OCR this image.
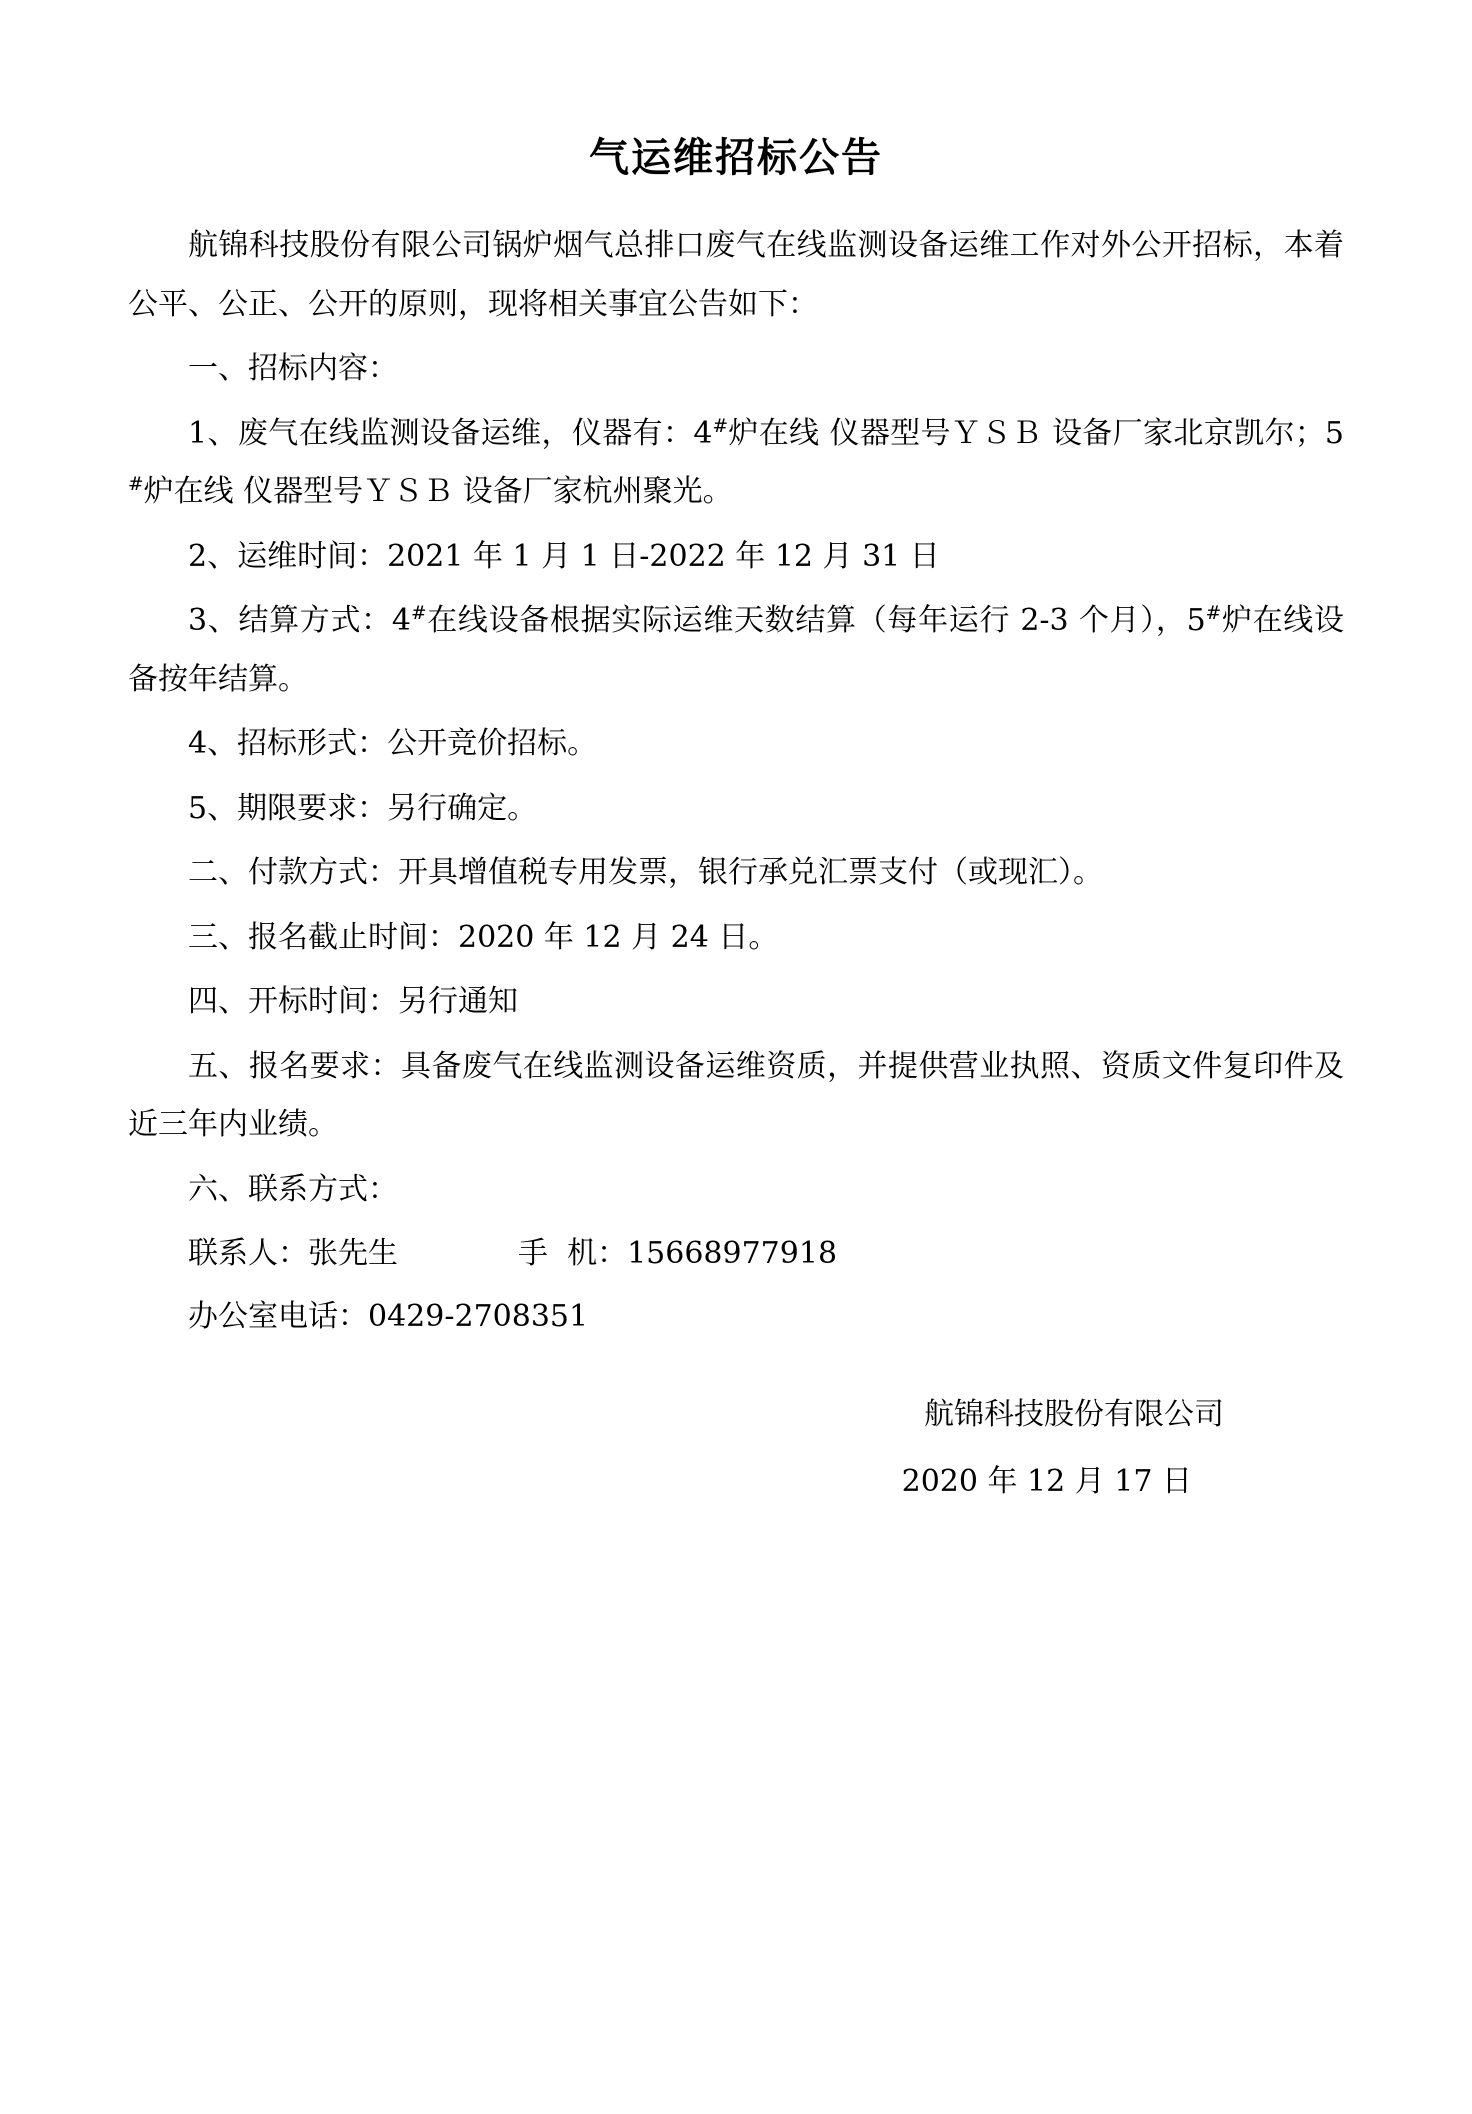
气运维招标公告

航锦科技股份有限公司锅炉烟气总排口废气在线监测设备运维工作对外公开招标，本着公平、公正、公开的原则，现将相关事宜公告如下：

一、招标内容：

1、废气在线监测设备运维，仪器有：4#炉在线 仪器型号ＹＳＢ 设备厂家北京凯尔；5#炉在线 仪器型号ＹＳＢ 设备厂家杭州聚光。

2、运维时间：2021 年 1 月 1 日-2022 年 12 月 31 日

3、结算方式：4#在线设备根据实际运维天数结算（每年运行 2-3 个月），5#炉在线设备按年结算。

4、招标形式：公开竞价招标。

5、期限要求：另行确定。

二、付款方式：开具增值税专用发票，银行承兑汇票支付（或现汇）。

三、报名截止时间：2020 年 12 月 24 日。

四、开标时间：另行通知

五、报名要求：具备废气在线监测设备运维资质，并提供营业执照、资质文件复印件及近三年内业绩。

六、联系方式：

联系人：张先生	手  机：15668977918
办公室电话：0429-2708351

航锦科技股份有限公司

2020 年 12 月 17 日
